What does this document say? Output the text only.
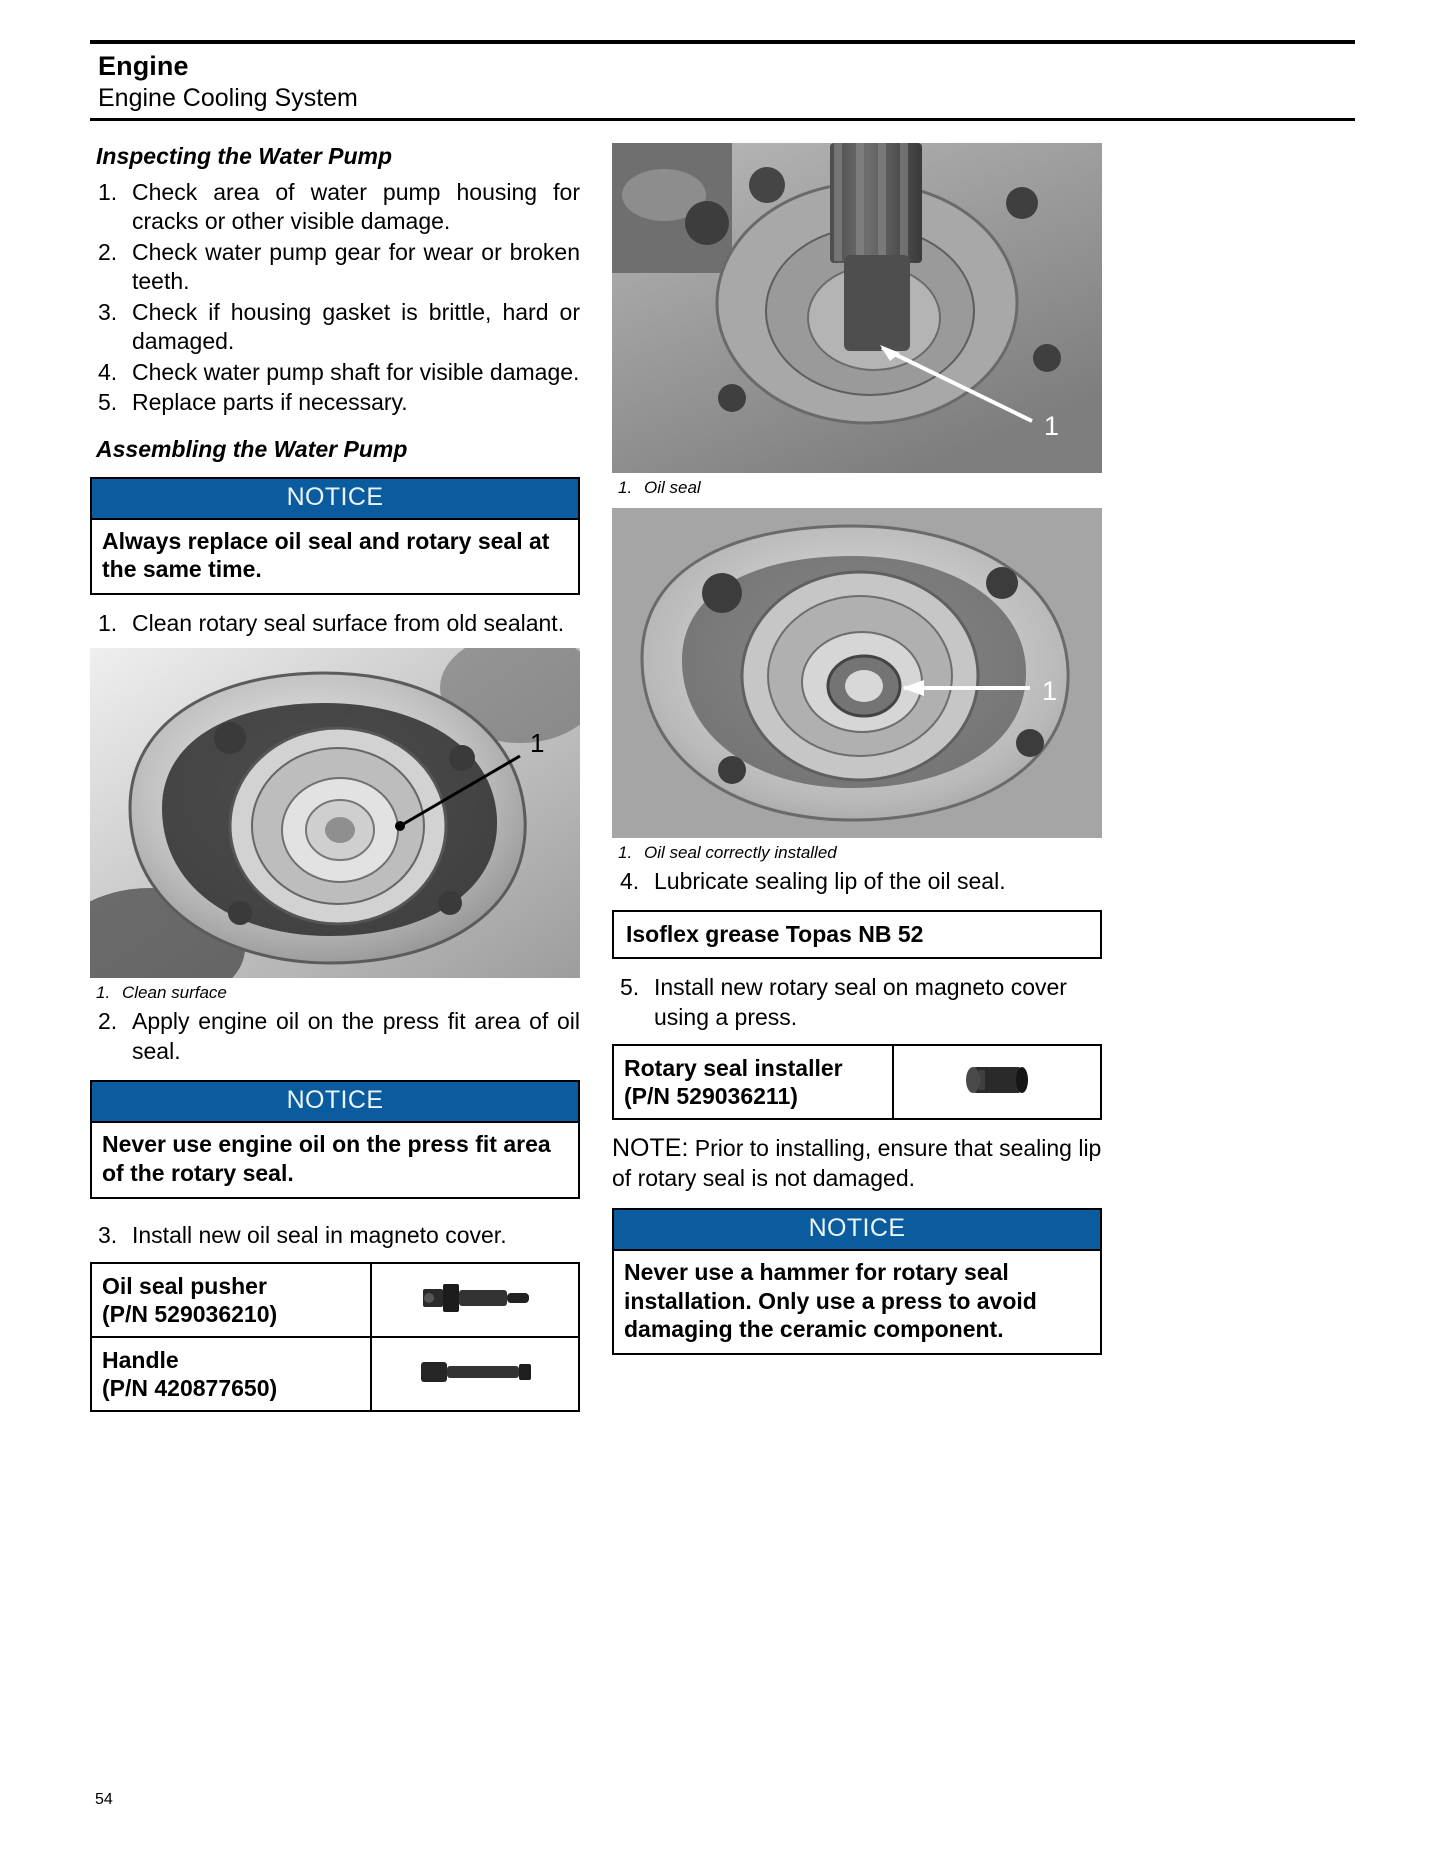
Engine
Engine Cooling System
Inspecting the Water Pump
1. Check area of water pump housing for cracks or other visible damage.
2. Check water pump gear for wear or broken teeth.
3. Check if housing gasket is brittle, hard or damaged.
4. Check water pump shaft for visible damage.
5. Replace parts if necessary.
Assembling the Water Pump
NOTICE
Always replace oil seal and rotary seal at the same time.
1. Clean rotary seal surface from old sealant.
1
1. Clean surface
2. Apply engine oil on the press fit area of oil seal.
NOTICE
Never use engine oil on the press fit area of the rotary seal.
3. Install new oil seal in magneto cover.
Oil seal pusher
(P/N 529036210)

Handle
(P/N 420877650)

1
1. Oil seal
1
1. Oil seal correctly installed
4. Lubricate sealing lip of the oil seal.
Isoflex grease Topas NB 52
5. Install new rotary seal on magneto cover using a press.
Rotary seal installer
(P/N 529036211)

NOTE: Prior to installing, ensure that sealing lip of rotary seal is not damaged.
NOTICE
Never use a hammer for rotary seal installation. Only use a press to avoid damaging the ceramic component.
54
